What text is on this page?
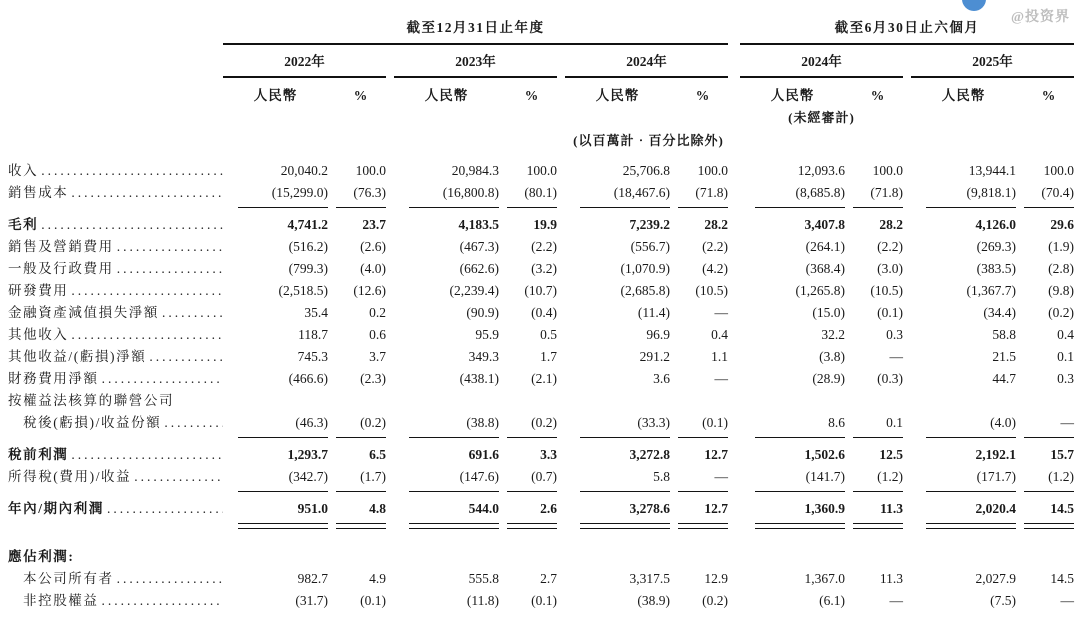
@投资界
截至12月31日止年度	截至6月30日止六個月
2022年	2023年	2024年	2024年	2025年
人民幣	%	人民幣	%	人民幣	%	人民幣	%	人民幣	%
(未經審計)
(以百萬計‧百分比除外)
收入 .....	20,040.2	100.0	20,984.3	100.0	25,706.8	100.0	12,093.6	100.0	13,944.1	100.0
銷售成本 .....	(15,299.0)	(76.3)	(16,800.8)	(80.1)	(18,467.6)	(71.8)	(8,685.8)	(71.8)	(9,818.1)	(70.4)
毛利 .....	4,741.2	23.7	4,183.5	19.9	7,239.2	28.2	3,407.8	28.2	4,126.0	29.6
銷售及營銷費用 .....	(516.2)	(2.6)	(467.3)	(2.2)	(556.7)	(2.2)	(264.1)	(2.2)	(269.3)	(1.9)
一般及行政費用 .....	(799.3)	(4.0)	(662.6)	(3.2)	(1,070.9)	(4.2)	(368.4)	(3.0)	(383.5)	(2.8)
研發費用 .....	(2,518.5)	(12.6)	(2,239.4)	(10.7)	(2,685.8)	(10.5)	(1,265.8)	(10.5)	(1,367.7)	(9.8)
金融資產減值損失淨額 .....	35.4	0.2	(90.9)	(0.4)	(11.4)	—	(15.0)	(0.1)	(34.4)	(0.2)
其他收入 .....	118.7	0.6	95.9	0.5	96.9	0.4	32.2	0.3	58.8	0.4
其他收益/(虧損)淨額 .....	745.3	3.7	349.3	1.7	291.2	1.1	(3.8)	—	21.5	0.1
財務費用淨額 .....	(466.6)	(2.3)	(438.1)	(2.1)	3.6	—	(28.9)	(0.3)	44.7	0.3
按權益法核算的聯營公司
稅後(虧損)/收益份額 .....	(46.3)	(0.2)	(38.8)	(0.2)	(33.3)	(0.1)	8.6	0.1	(4.0)	—
稅前利潤 .....	1,293.7	6.5	691.6	3.3	3,272.8	12.7	1,502.6	12.5	2,192.1	15.7
所得稅(費用)/收益 .....	(342.7)	(1.7)	(147.6)	(0.7)	5.8	—	(141.7)	(1.2)	(171.7)	(1.2)
年內/期內利潤 .....	951.0	4.8	544.0	2.6	3,278.6	12.7	1,360.9	11.3	2,020.4	14.5
應佔利潤:
本公司所有者 .....	982.7	4.9	555.8	2.7	3,317.5	12.9	1,367.0	11.3	2,027.9	14.5
非控股權益 .....	(31.7)	(0.1)	(11.8)	(0.1)	(38.9)	(0.2)	(6.1)	—	(7.5)	—
